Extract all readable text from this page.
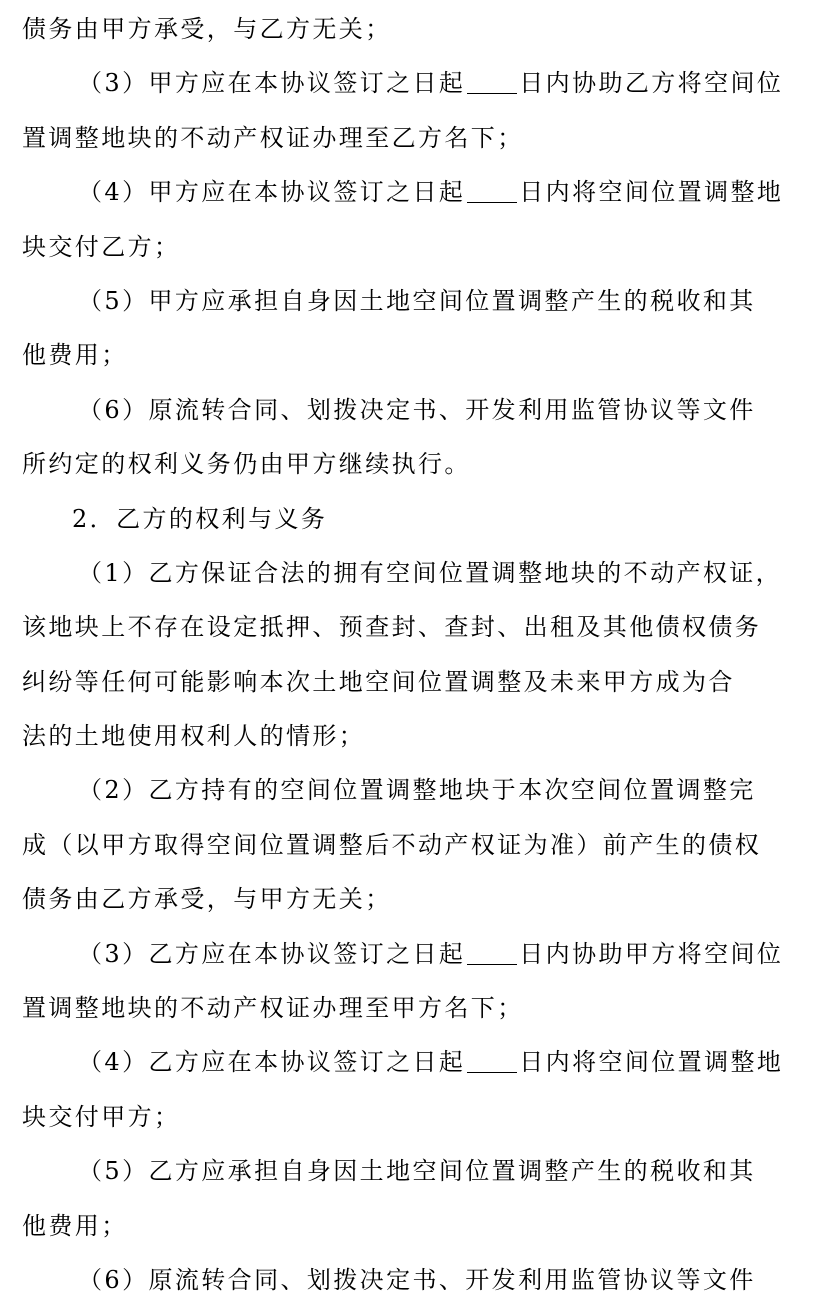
债务由甲方承受，与乙方无关；
（3）甲方应在本协议签订之日起 日内协助乙方将空间位
置调整地块的不动产权证办理至乙方名下；
（4）甲方应在本协议签订之日起 日内将空间位置调整地
块交付乙方；
（5）甲方应承担自身因土地空间位置调整产生的税收和其
他费用；
（6）原流转合同、划拨决定书、开发利用监管协议等文件
所约定的权利义务仍由甲方继续执行。
2．乙方的权利与义务
（1）乙方保证合法的拥有空间位置调整地块的不动产权证，
该地块上不存在设定抵押、预查封、查封、出租及其他债权债务
纠纷等任何可能影响本次土地空间位置调整及未来甲方成为合
法的土地使用权利人的情形；
（2）乙方持有的空间位置调整地块于本次空间位置调整完
成（以甲方取得空间位置调整后不动产权证为准）前产生的债权
债务由乙方承受，与甲方无关；
（3）乙方应在本协议签订之日起 日内协助甲方将空间位
置调整地块的不动产权证办理至甲方名下；
（4）乙方应在本协议签订之日起 日内将空间位置调整地
块交付甲方；
（5）乙方应承担自身因土地空间位置调整产生的税收和其
他费用；
（6）原流转合同、划拨决定书、开发利用监管协议等文件
